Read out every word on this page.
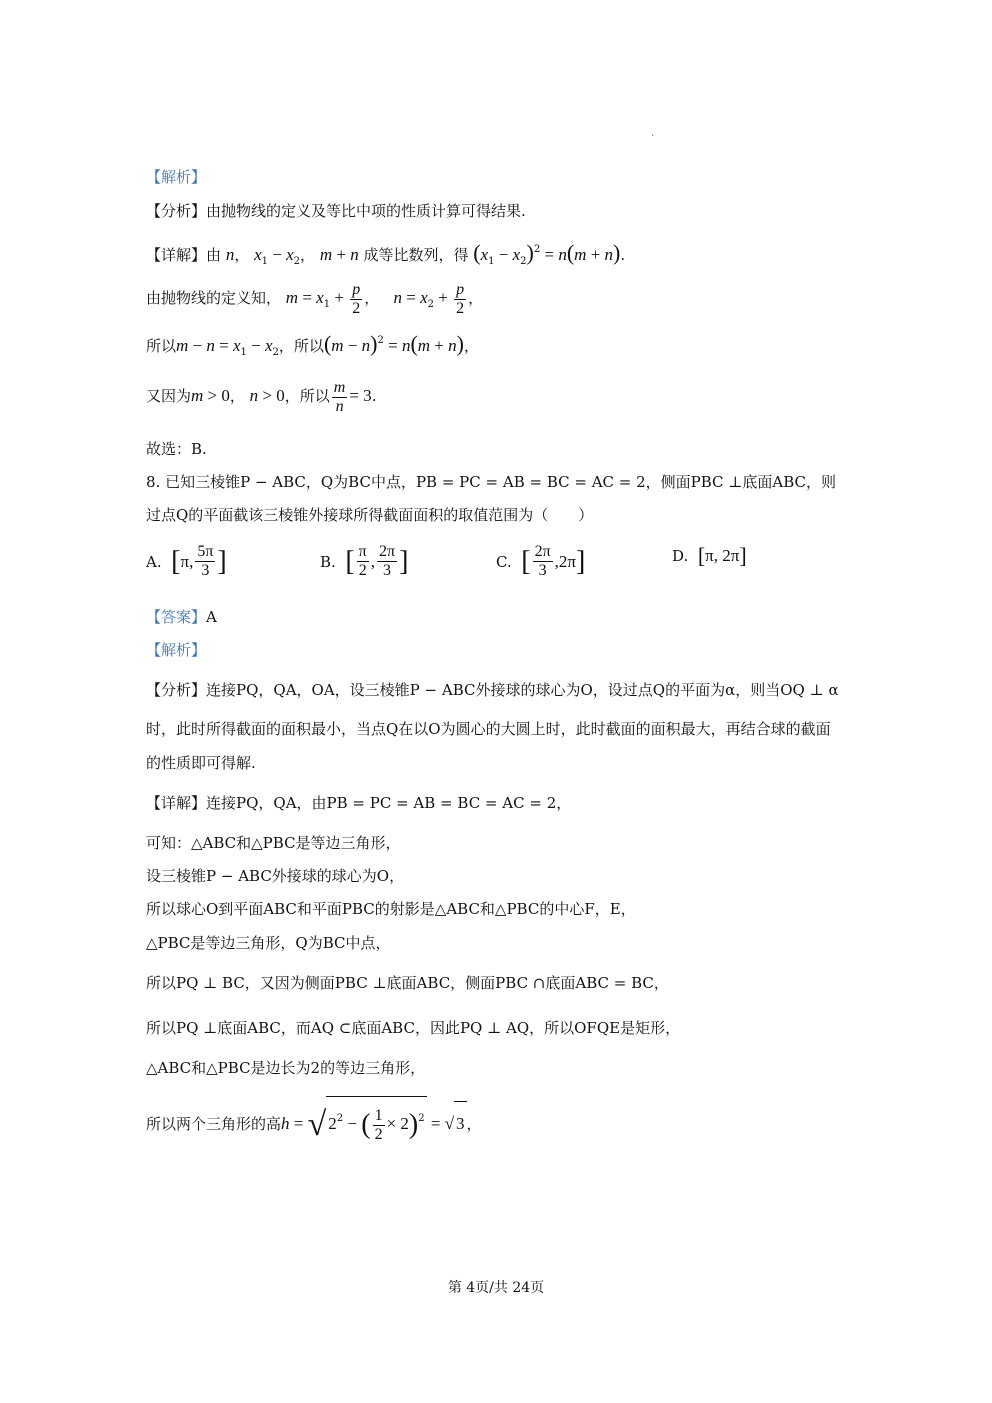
.
【解析】
【分析】由抛物线的定义及等比中项的性质计算可得结果.
【详解】由 n， $x_1 - x_2$， m + n 成等比数列，得 $(x_1 - x_2)^2 = n(m + n)$.
由抛物线的定义知， $m = x_1 + \frac{p}{2}$ ，   $n = x_2 + \frac{p}{2}$ ，
所以$m - n = x_1 - x_2$，所以$(m - n)^2 = n(m + n)$，
又因为m > 0， n > 0，所以 $\frac{m}{n} = 3$.
故选：B.
8. 已知三棱锥P − ABC，Q为BC中点，PB = PC = AB = BC = AC = 2，侧面PBC ⊥底面ABC，则
过点Q的平面截该三棱锥外接球所得截面面积的取值范围为（　　）
A.
[ π, $\frac{5\pi}{3}$ ]	B.
[ $\frac{\pi}{2}$ , $\frac{2\pi}{3}$ ]	C.
[ $\frac{2\pi}{3} ,2\pi$ ]	D.
[ π, 2π ]
【答案】A
【解析】
【分析】连接PQ，QA，OA，设三棱锥P − ABC外接球的球心为O，设过点Q的平面为α，则当OQ ⊥ α
时，此时所得截面的面积最小，当点Q在以O为圆心的大圆上时，此时截面的面积最大，再结合球的截面
的性质即可得解.
【详解】连接PQ，QA，由PB = PC = AB = BC = AC = 2，
可知：△ABC和△PBC是等边三角形，
设三棱锥P − ABC外接球的球心为O，
所以球心O到平面ABC和平面PBC的射影是△ABC和△PBC的中心F，E，
△PBC是等边三角形，Q为BC中点，
所以PQ ⊥ BC，又因为侧面PBC ⊥底面ABC，侧面PBC ∩底面ABC = BC，
所以PQ ⊥底面ABC，而AQ ⊂底面ABC，因此PQ ⊥ AQ，所以OFQE是矩形，
△ABC和△PBC是边长为2的等边三角形，
所以两个三角形的高h = √ $2^2$ − ( $\frac{1}{2} \times 2)^2$ = √ 3 ，
第 4页/共 24页
